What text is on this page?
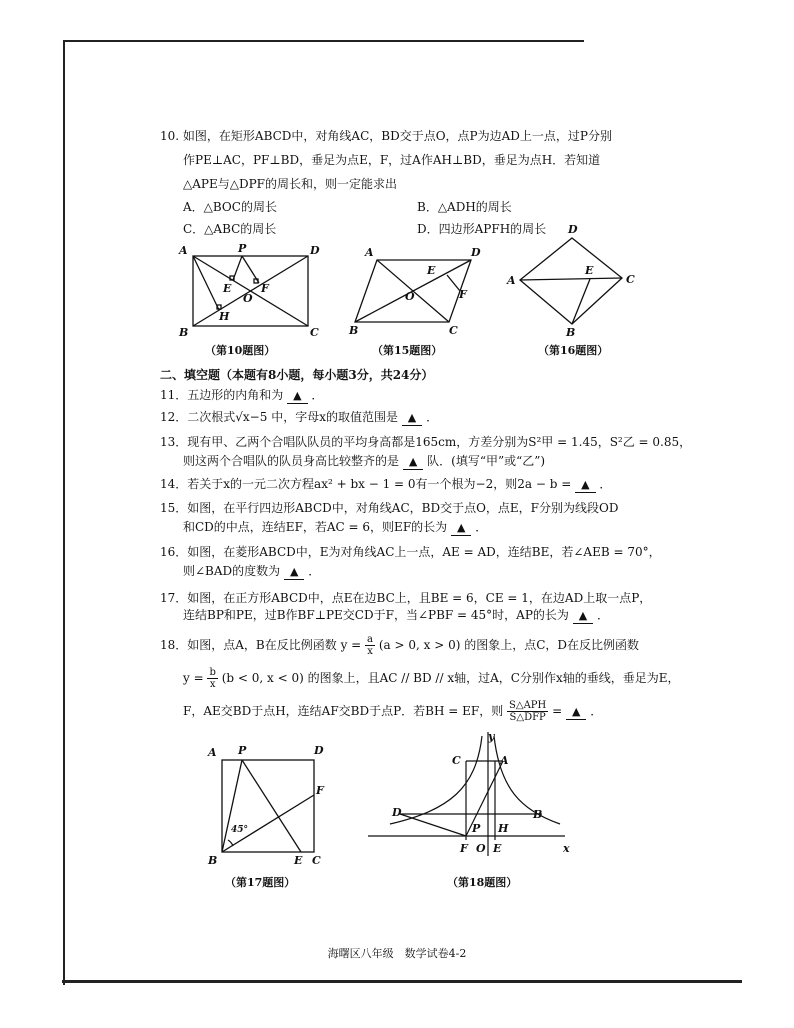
10. 如图，在矩形ABCD中，对角线AC，BD交于点O，点P为边AD上一点，过P分别
作PE⊥AC，PF⊥BD，垂足为点E，F，过A作AH⊥BD，垂足为点H．若知道
△APE与△DPF的周长和，则一定能求出
A．△BOC的周长	B．△ADH的周长
C．△ABC的周长	D．四边形APFH的周长
A	P	D
E	F
O
H
B	C
（第10题图）
A	D
E
F
O
B	C
（第15题图）
D
E
A	C
B
（第16题图）
二、填空题（本题有8小题，每小题3分，共24分）
11．五边形的内角和为 ▲ ．
12．二次根式√x−5 中，字母x的取值范围是 ▲ ．
13．现有甲、乙两个合唱队队员的平均身高都是165cm，方差分别为S²甲 = 1.45，S²乙 = 0.85，
则这两个合唱队的队员身高比较整齐的是 ▲ 队．(填写“甲”或“乙”)
14．若关于x的一元二次方程ax² + bx − 1 = 0有一个根为−2，则2a − b = ▲ ．
15．如图，在平行四边形ABCD中，对角线AC，BD交于点O，点E，F分别为线段OD
和CD的中点，连结EF，若AC = 6，则EF的长为 ▲ ．
16．如图，在菱形ABCD中，E为对角线AC上一点，AE = AD，连结BE，若∠AEB = 70°，
则∠BAD的度数为 ▲ ．
17．如图，在正方形ABCD中，点E在边BC上，且BE = 6，CE = 1，在边AD上取一点P，
连结BP和PE，过B作BF⊥PE交CD于F，当∠PBF = 45°时，AP的长为 ▲ ．
18．如图，点A，B在反比例函数 $y = \frac{a}{x} (a > 0$, x > 0) 的图象上，点C，D在反比例函数
$y = \frac{b}{x} (b < 0$, x < 0) 的图象上，且AC // BD // x轴，过A，C分别作x轴的垂线，垂足为E，
F，AE交BD于点H，连结AF交BD于点P．若BH = EF，则 $\frac{\text{S△APH}}{\text{S△DFP}}$ = ▲ ．
A P	D
F
45°
B	E C
（第17题图）
y
C	A
D	B
P H
F O E	x
（第18题图）
海曙区八年级　数学试卷4-2
